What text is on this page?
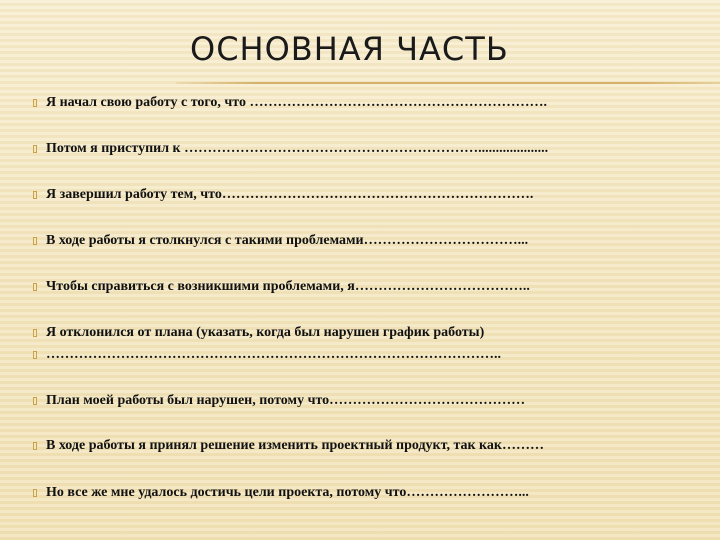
ОСНОВНАЯ ЧАСТЬ
Я начал свою работу с того, что ……………………………………………………….
Потом я приступил к ………………………………………………………....................
Я завершил работу тем, что………………………………………………………….
В ходе работы я столкнулся с такими проблемами……………………………...
Чтобы справиться с возникшими проблемами, я………………………………..
Я отклонился от плана (указать, когда был нарушен график работы)
……………………………………………………………………………………..
План моей работы был нарушен, потому что……………………………………
В ходе работы я принял решение изменить проектный продукт, так как………
Но все же мне удалось достичь цели проекта, потому что……………………...
